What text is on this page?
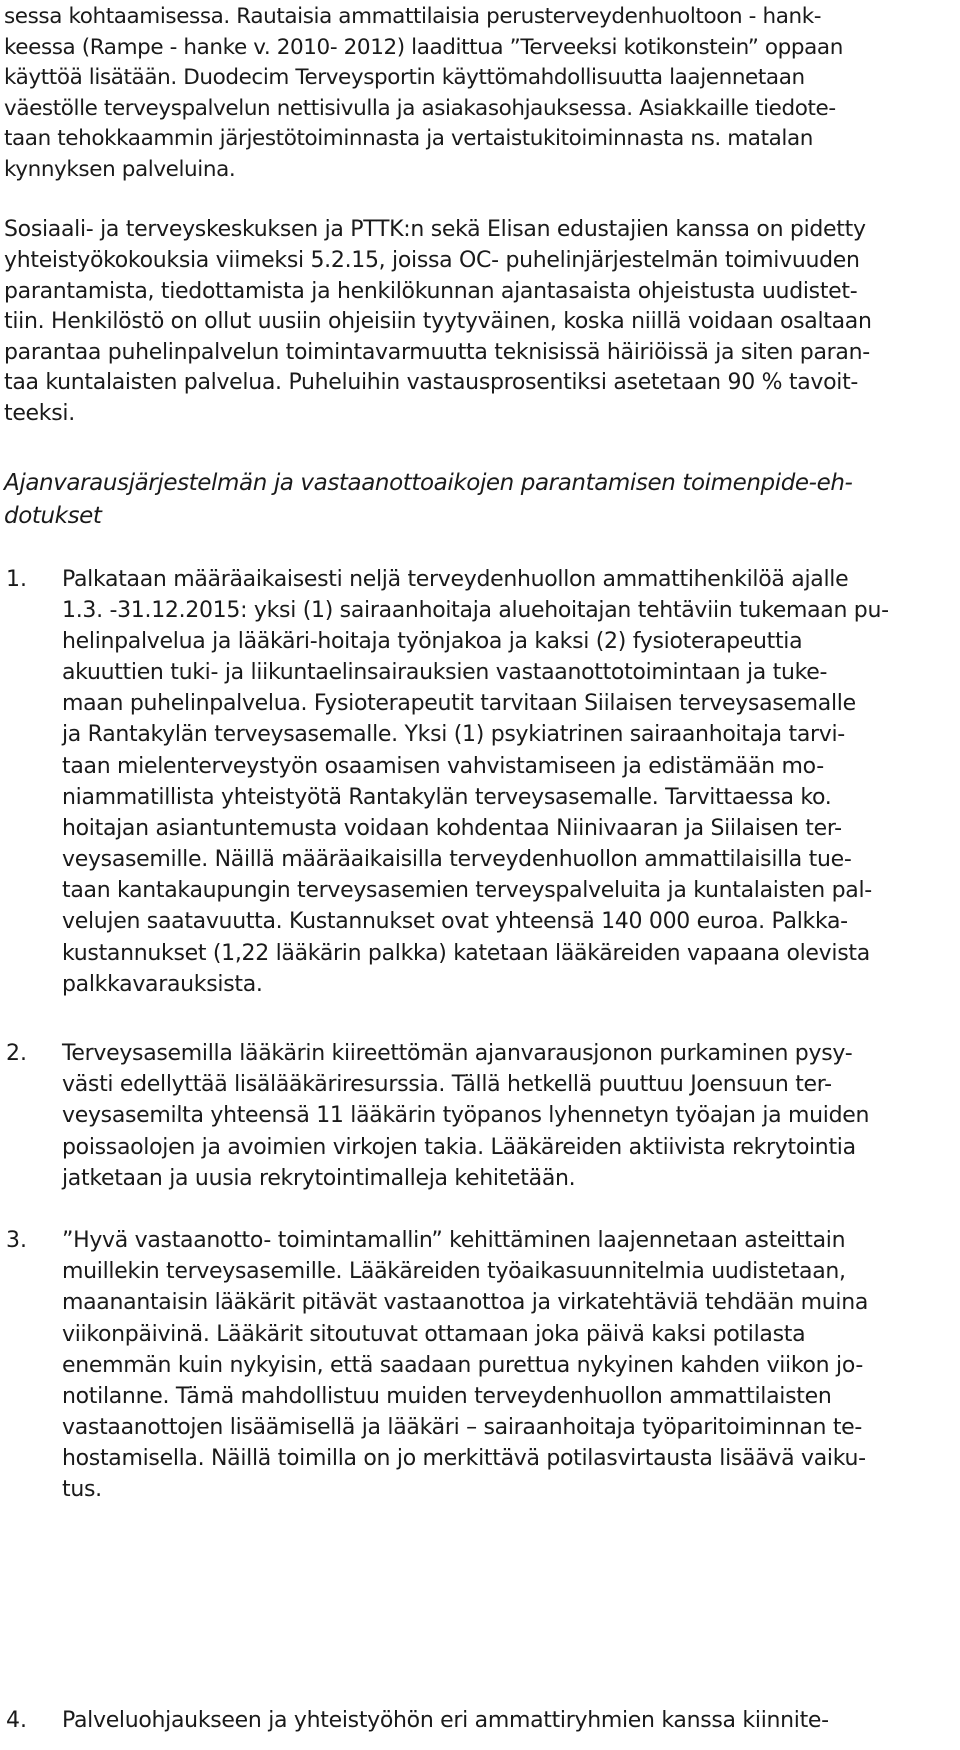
sessa kohtaamisessa. Rautaisia ammattilaisia perusterveydenhuoltoon - hank-
keessa (Rampe - hanke v. 2010- 2012) laadittua ”Terveeksi kotikonstein” oppaan
käyttöä lisätään. Duodecim Terveysportin käyttömahdollisuutta laajennetaan
väestölle terveyspalvelun nettisivulla ja asiakasohjauksessa. Asiakkaille tiedote-
taan tehokkaammin järjestötoiminnasta ja vertaistukitoiminnasta ns. matalan
kynnyksen palveluina.
Sosiaali- ja terveyskeskuksen ja PTTK:n sekä Elisan edustajien kanssa on pidetty
yhteistyökokouksia viimeksi 5.2.15, joissa OC- puhelinjärjestelmän toimivuuden
parantamista, tiedottamista ja henkilökunnan ajantasaista ohjeistusta uudistet-
tiin. Henkilöstö on ollut uusiin ohjeisiin tyytyväinen, koska niillä voidaan osaltaan
parantaa puhelinpalvelun toimintavarmuutta teknisissä häiriöissä ja siten paran-
taa kuntalaisten palvelua. Puheluihin vastausprosentiksi asetetaan 90 % tavoit-
teeksi.
Ajanvarausjärjestelmän ja vastaanottoaikojen parantamisen toimenpide-eh-
dotukset
1. Palkataan määräaikaisesti neljä terveydenhuollon ammattihenkilöä ajalle
1.3. -31.12.2015: yksi (1) sairaanhoitaja aluehoitajan tehtäviin tukemaan pu-
helinpalvelua ja lääkäri-hoitaja työnjakoa ja kaksi (2) fysioterapeuttia
akuuttien tuki- ja liikuntaelinsairauksien vastaanottotoimintaan ja tuke-
maan puhelinpalvelua. Fysioterapeutit tarvitaan Siilaisen terveysasemalle
ja Rantakylän terveysasemalle. Yksi (1) psykiatrinen sairaanhoitaja tarvi-
taan mielenterveystyön osaamisen vahvistamiseen ja edistämään mo-
niammatillista yhteistyötä Rantakylän terveysasemalle. Tarvittaessa ko.
hoitajan asiantuntemusta voidaan kohdentaa Niinivaaran ja Siilaisen ter-
veysasemille. Näillä määräaikaisilla terveydenhuollon ammattilaisilla tue-
taan kantakaupungin terveysasemien terveyspalveluita ja kuntalaisten pal-
velujen saatavuutta. Kustannukset ovat yhteensä 140 000 euroa. Palkka-
kustannukset (1,22 lääkärin palkka) katetaan lääkäreiden vapaana olevista
palkkavarauksista.
2. Terveysasemilla lääkärin kiireettömän ajanvarausjonon purkaminen pysy-
västi edellyttää lisälääkäriresurssia. Tällä hetkellä puuttuu Joensuun ter-
veysasemilta yhteensä 11 lääkärin työpanos lyhennetyn työajan ja muiden
poissaolojen ja avoimien virkojen takia. Lääkäreiden aktiivista rekrytointia
jatketaan ja uusia rekrytointimalleja kehitetään.
3. ”Hyvä vastaanotto- toimintamallin” kehittäminen laajennetaan asteittain
muillekin terveysasemille. Lääkäreiden työaikasuunnitelmia uudistetaan,
maanantaisin lääkärit pitävät vastaanottoa ja virkatehtäviä tehdään muina
viikonpäivinä. Lääkärit sitoutuvat ottamaan joka päivä kaksi potilasta
enemmän kuin nykyisin, että saadaan purettua nykyinen kahden viikon jo-
notilanne. Tämä mahdollistuu muiden terveydenhuollon ammattilaisten
vastaanottojen lisäämisellä ja lääkäri – sairaanhoitaja työparitoiminnan te-
hostamisella. Näillä toimilla on jo merkittävä potilasvirtausta lisäävä vaiku-
tus.
4. Palveluohjaukseen ja yhteistyöhön eri ammattiryhmien kanssa kiinnite-
